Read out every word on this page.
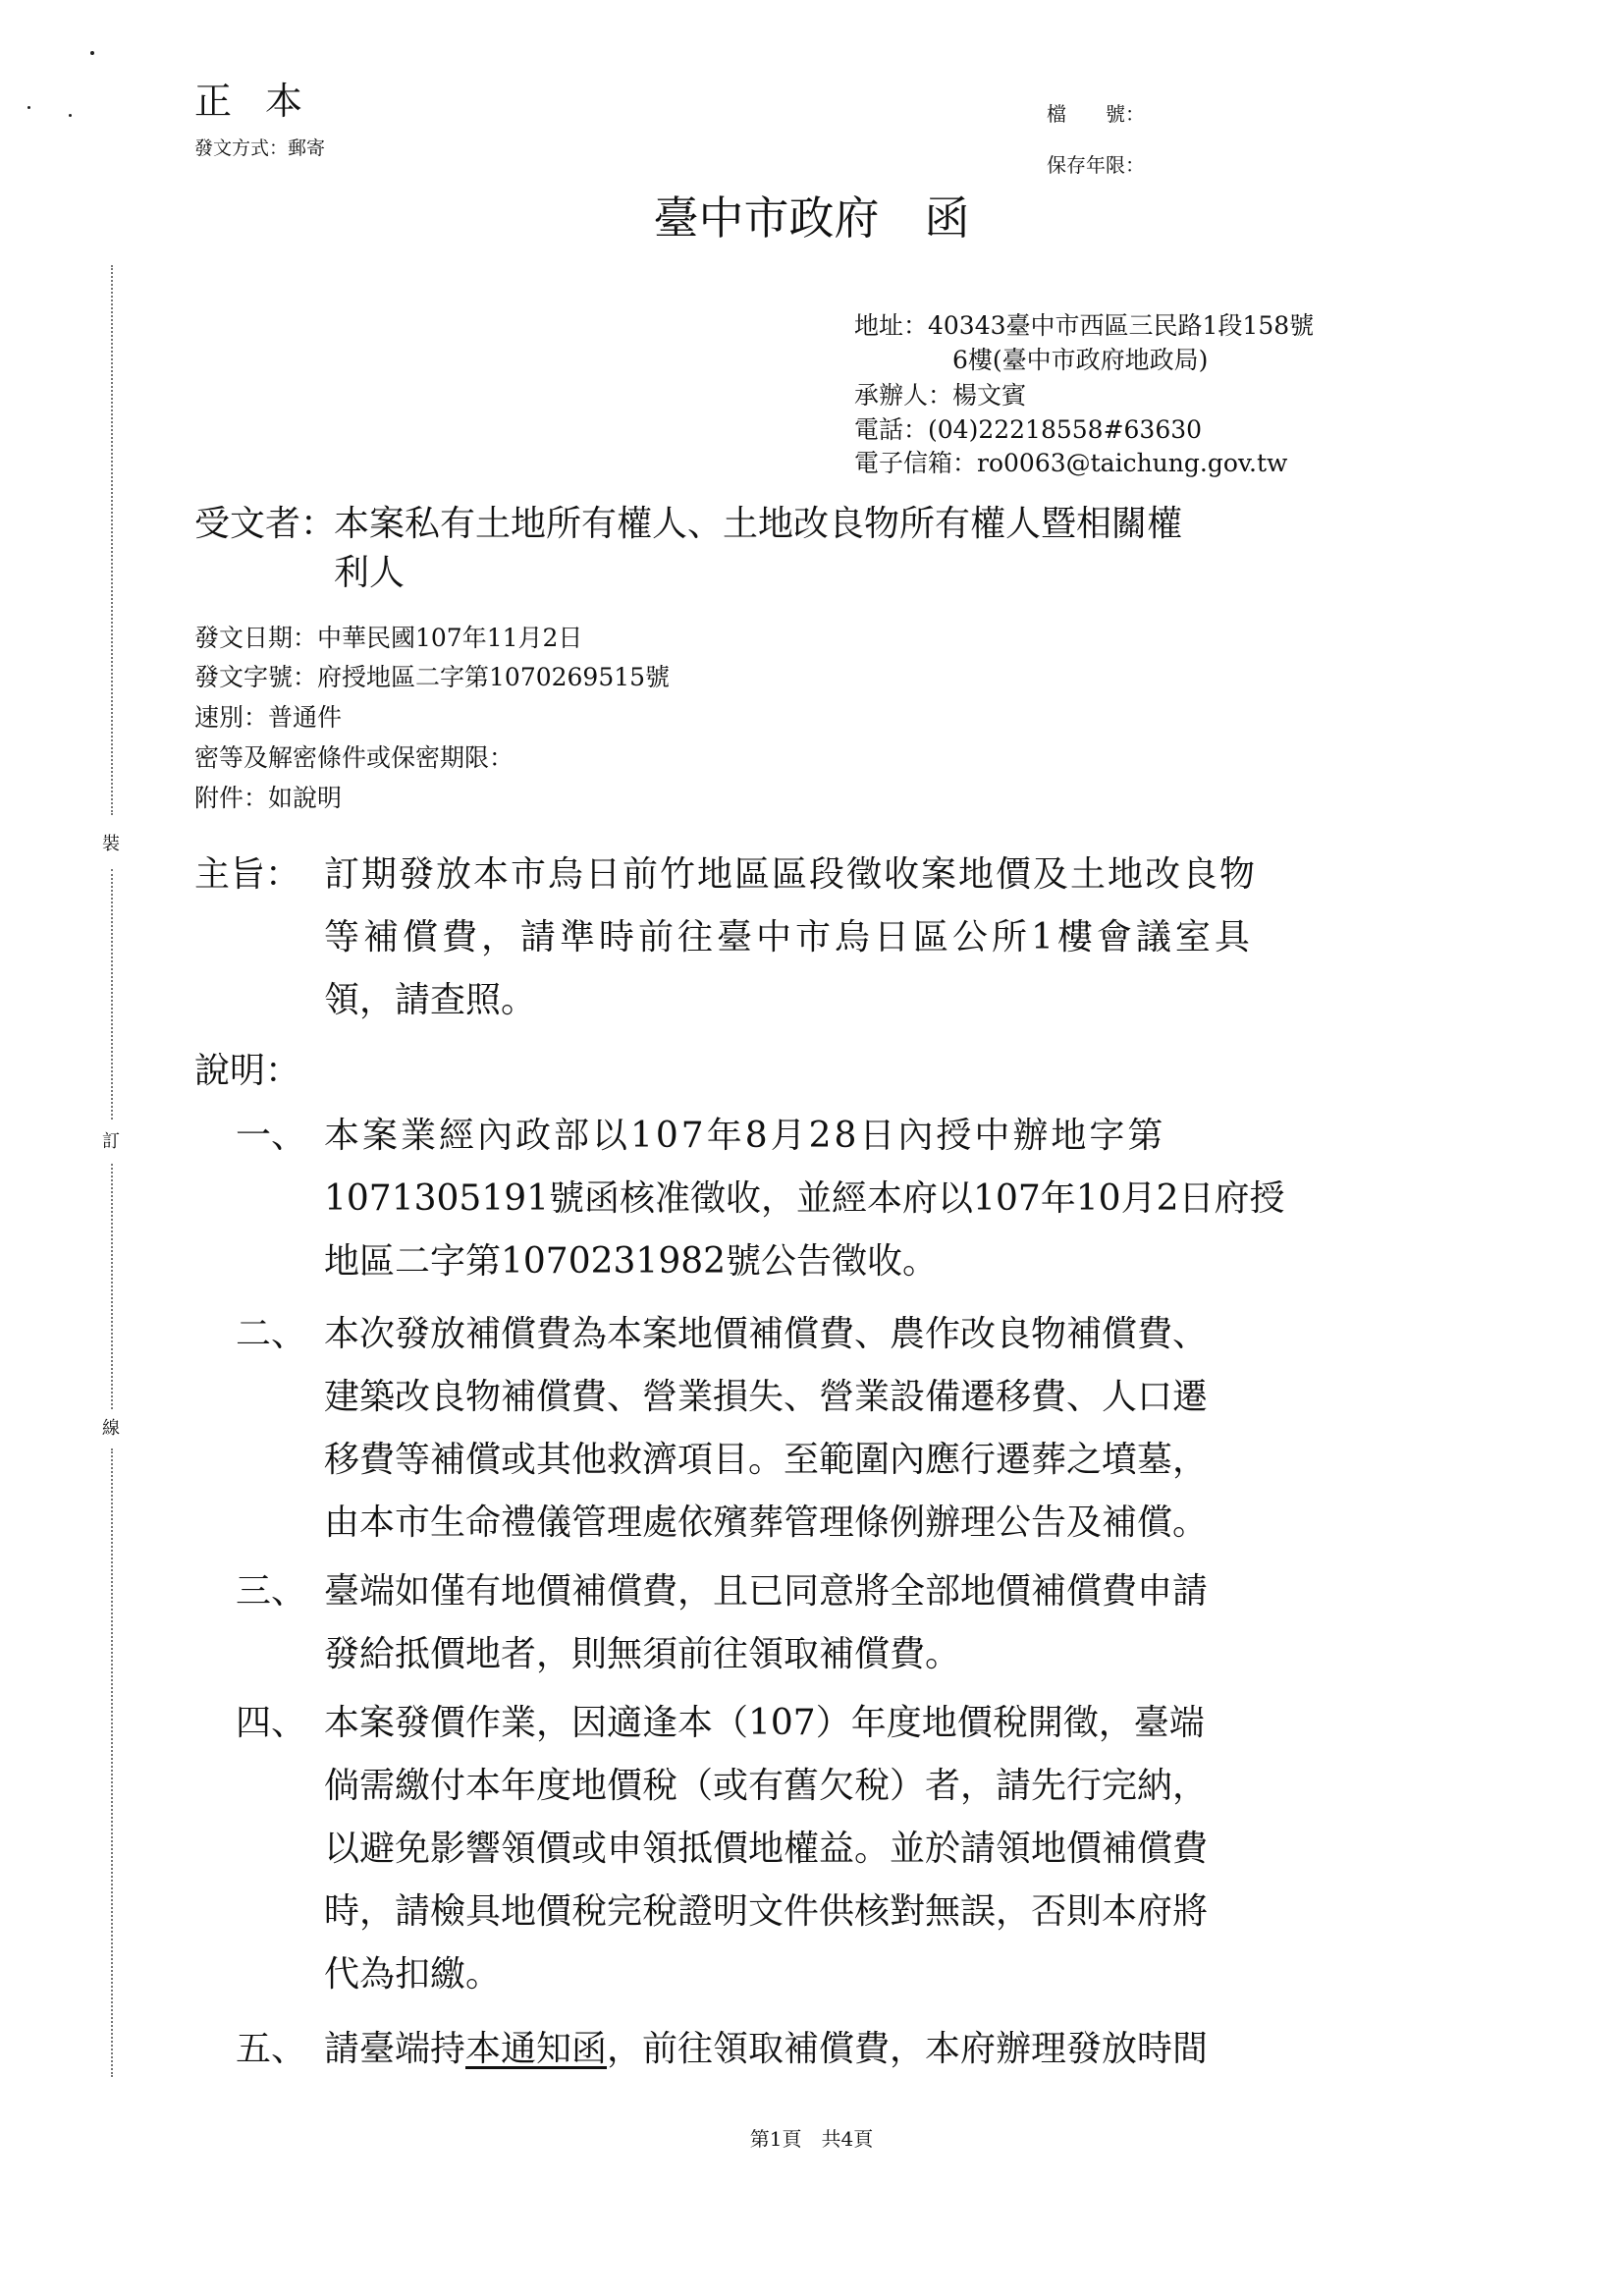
正本
發文方式：郵寄
檔　　號：
保存年限：
臺中市政府 函
地址：40343臺中市西區三民路1段158號
6樓(臺中市政府地政局)
承辦人：楊文賓
電話：(04)22218558#63630
電子信箱：ro0063@taichung.gov.tw
受文者：
本案私有土地所有權人、土地改良物所有權人暨相關權
利人
發文日期：中華民國107年11月2日
發文字號：府授地區二字第1070269515號
速別：普通件
密等及解密條件或保密期限：
附件：如說明
裝
訂
線
主旨： 訂期發放本市烏日前竹地區區段徵收案地價及土地改良物
等補償費，請準時前往臺中市烏日區公所1樓會議室具
領，請查照。
說明：
一、 本案業經內政部以107年8月28日內授中辦地字第
1071305191號函核准徵收，並經本府以107年10月2日府授
地區二字第1070231982號公告徵收。
二、 本次發放補償費為本案地價補償費、農作改良物補償費、
建築改良物補償費、營業損失、營業設備遷移費、人口遷
移費等補償或其他救濟項目。至範圍內應行遷葬之墳墓，
由本市生命禮儀管理處依殯葬管理條例辦理公告及補償。
三、 臺端如僅有地價補償費，且已同意將全部地價補償費申請
發給抵價地者，則無須前往領取補償費。
四、 本案發價作業，因適逢本（107）年度地價稅開徵，臺端
倘需繳付本年度地價稅（或有舊欠稅）者，請先行完納，
以避免影響領價或申領抵價地權益。並於請領地價補償費
時，請檢具地價稅完稅證明文件供核對無誤，否則本府將
代為扣繳。
五、 請臺端持本通知函，前往領取補償費，本府辦理發放時間
第1頁　共4頁
